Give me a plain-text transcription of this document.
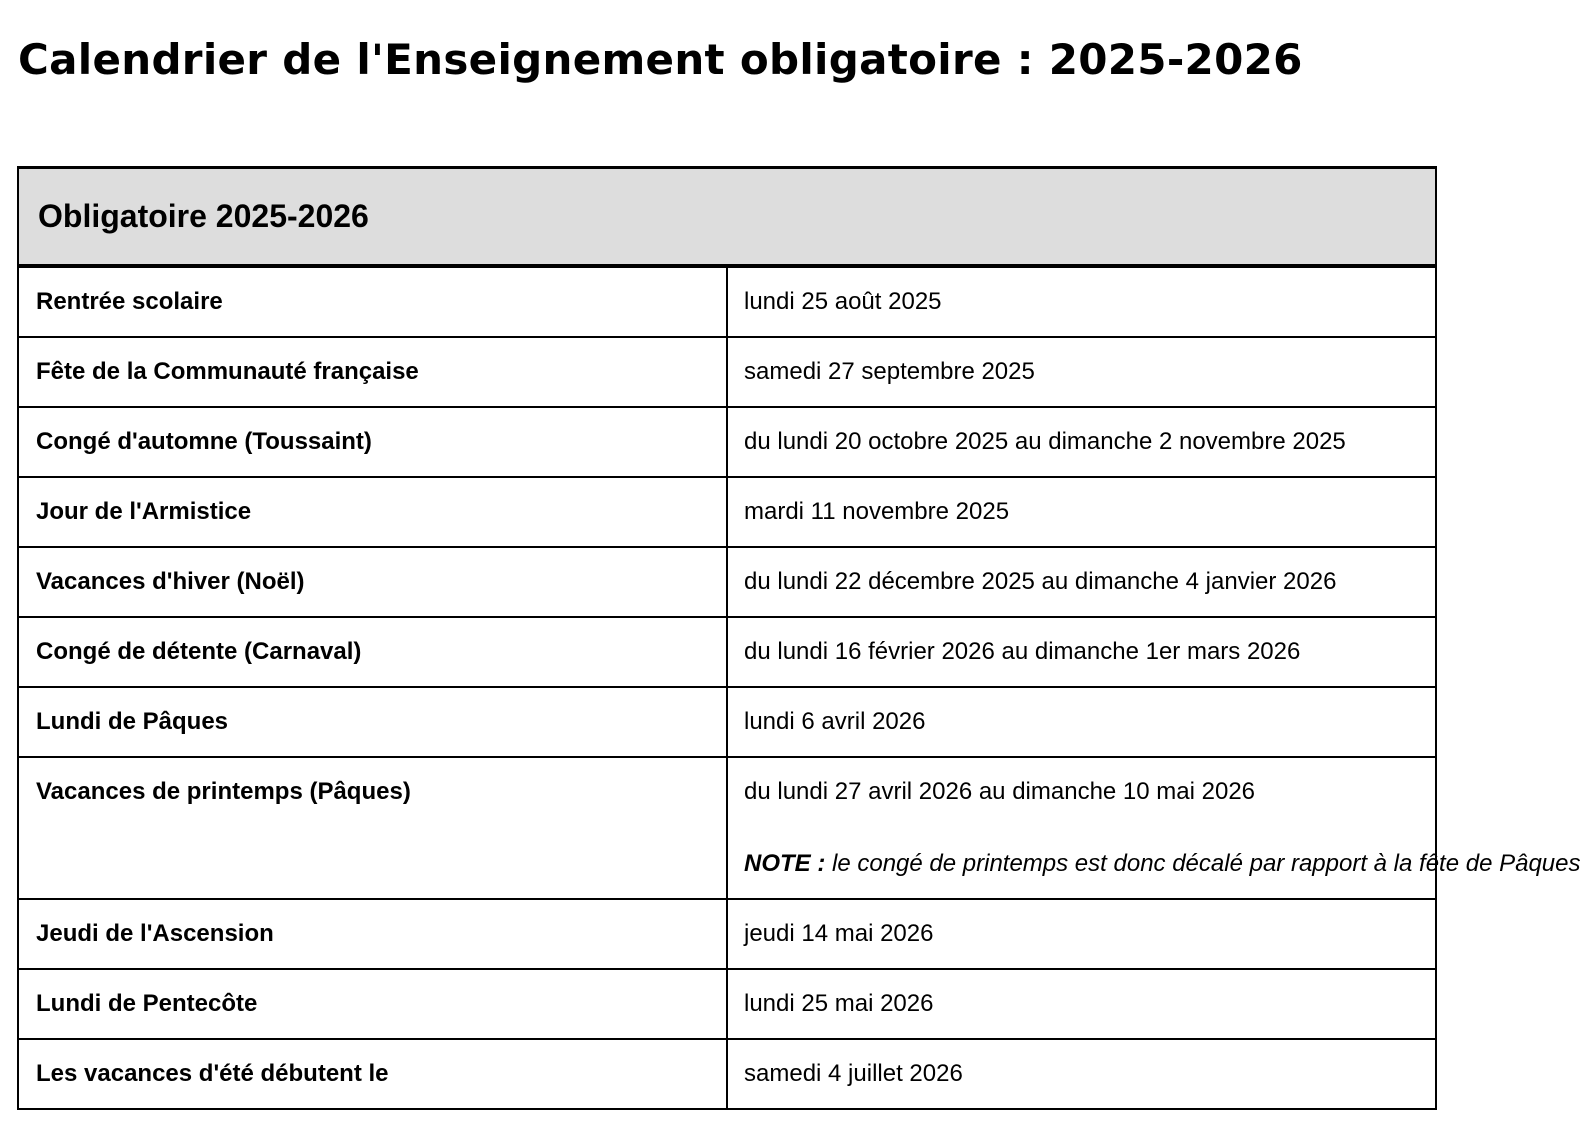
Calendrier de l'Enseignement obligatoire : 2025-2026
Obligatoire 2025-2026	
Rentrée scolaire	lundi 25 août 2025
Fête de la Communauté française	samedi 27 septembre 2025
Congé d'automne (Toussaint)	du lundi 20 octobre 2025 au dimanche 2 novembre 2025
Jour de l'Armistice	mardi 11 novembre 2025
Vacances d'hiver (Noël)	du lundi 22 décembre 2025 au dimanche 4 janvier 2026
Congé de détente (Carnaval)	du lundi 16 février 2026 au dimanche 1er mars 2026
Lundi de Pâques	lundi 6 avril 2026
Vacances de printemps (Pâques)	du lundi 27 avril 2026 au dimanche 10 mai 2026
NOTE : le congé de printemps est donc décalé par rapport à la fête de Pâques

Jeudi de l'Ascension	jeudi 14 mai 2026
Lundi de Pentecôte	lundi 25 mai 2026
Les vacances d'été débutent le	samedi 4 juillet 2026
